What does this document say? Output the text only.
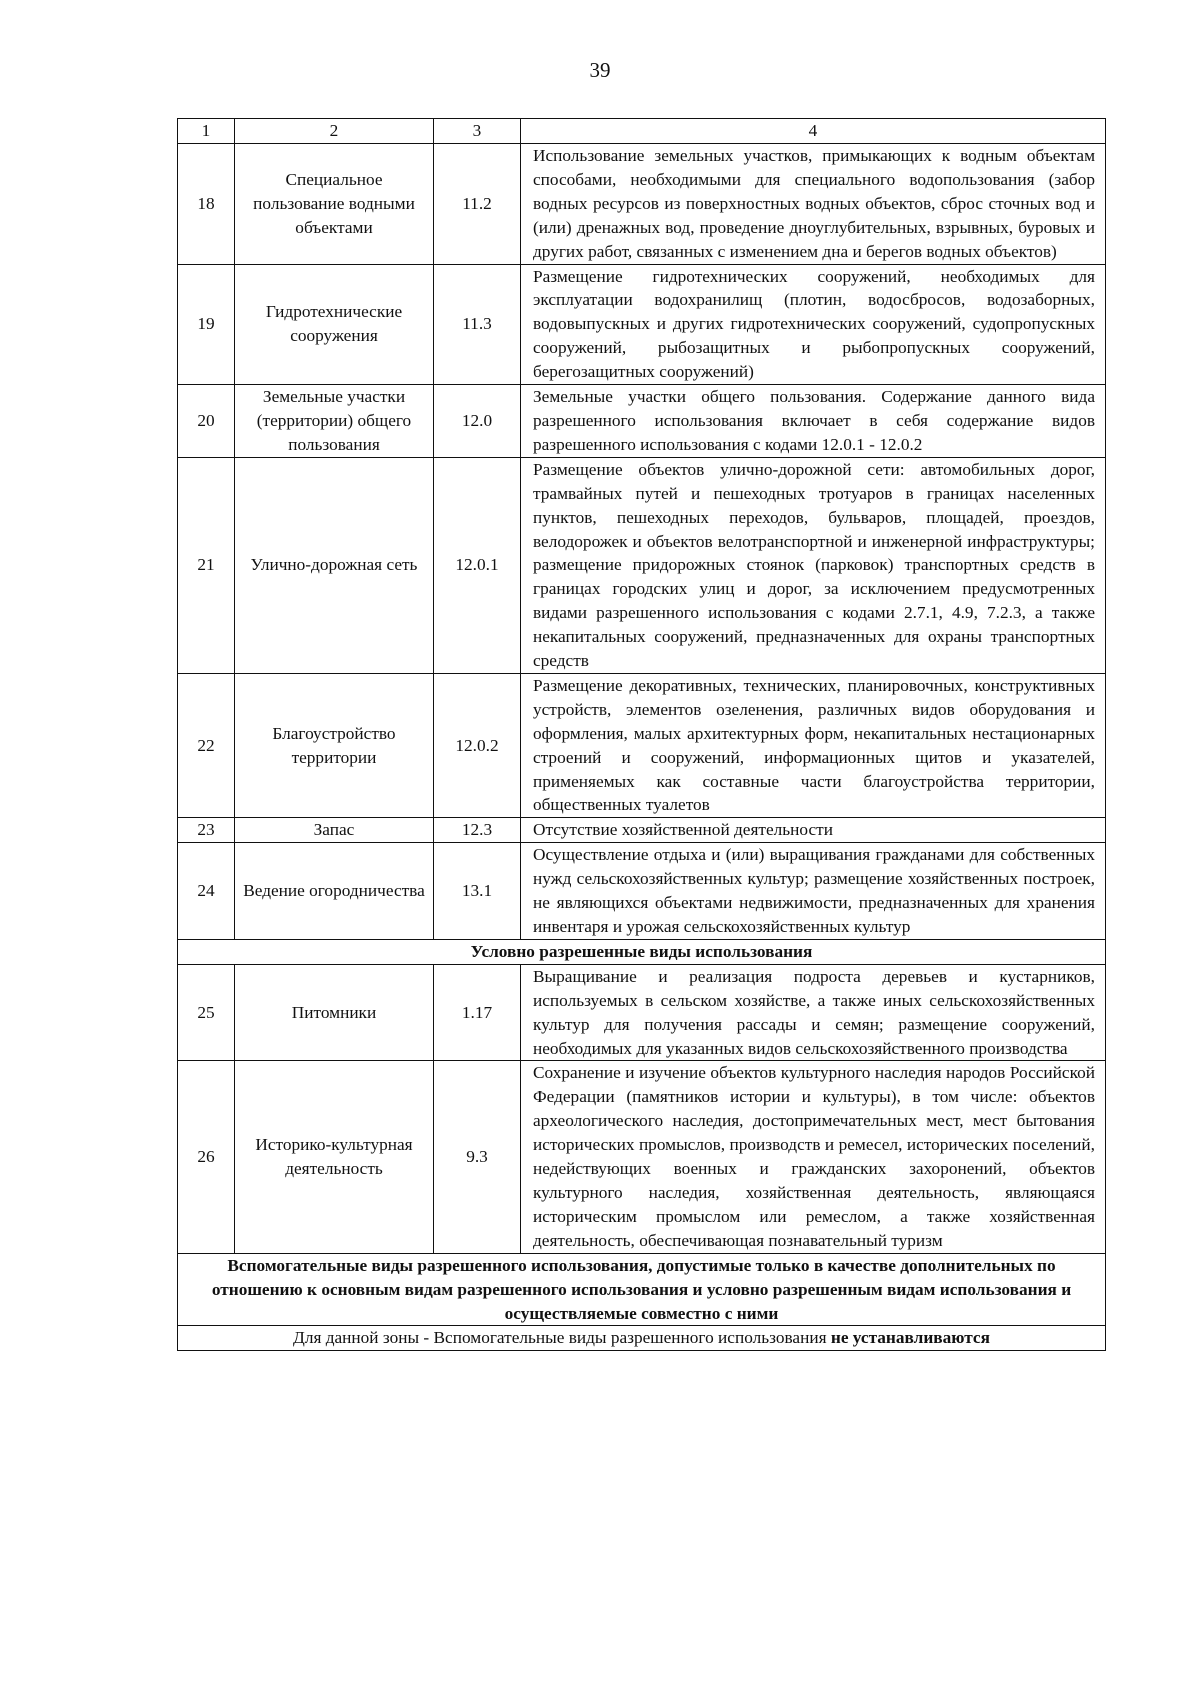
39
1	2	3	4
18	Специальное пользование водными объектами	11.2	Использование земельных участков, примыкающих к водным объектам способами, необходимыми для специального водопользования (забор водных ресурсов из поверхностных водных объектов, сброс сточных вод и (или) дренажных вод, проведение дноуглубительных, взрывных, буровых и других работ, связанных с изменением дна и берегов водных объектов)
19	Гидротехнические сооружения	11.3	Размещение гидротехнических сооружений, необходимых для эксплуатации водохранилищ (плотин, водосбросов, водозаборных, водовыпускных и других гидротехнических сооружений, судопропускных сооружений, рыбозащитных и рыбопропускных сооружений, берегозащитных сооружений)
20	Земельные участки (территории) общего пользования	12.0	Земельные участки общего пользования. Содержание данного вида разрешенного использования включает в себя содержание видов разрешенного использования с кодами 12.0.1 - 12.0.2
21	Улично-дорожная сеть	12.0.1	Размещение объектов улично-дорожной сети: автомобильных дорог, трамвайных путей и пешеходных тротуаров в границах населенных пунктов, пешеходных переходов, бульваров, площадей, проездов, велодорожек и объектов велотранспортной и инженерной инфраструктуры; размещение придорожных стоянок (парковок) транспортных средств в границах городских улиц и дорог, за исключением предусмотренных видами разрешенного использования с кодами 2.7.1, 4.9, 7.2.3, а также некапитальных сооружений, предназначенных для охраны транспортных средств
22	Благоустройство территории	12.0.2	Размещение декоративных, технических, планировочных, конструктивных устройств, элементов озеленения, различных видов оборудования и оформления, малых архитектурных форм, некапитальных нестационарных строений и сооружений, информационных щитов и указателей, применяемых как составные части благоустройства территории, общественных туалетов
23	Запас	12.3	Отсутствие хозяйственной деятельности
24	Ведение огородничества	13.1	Осуществление отдыха и (или) выращивания гражданами для собственных нужд сельскохозяйственных культур; размещение хозяйственных построек, не являющихся объектами недвижимости, предназначенных для хранения инвентаря и урожая сельскохозяйственных культур
Условно разрешенные виды использования			
25	Питомники	1.17	Выращивание и реализация подроста деревьев и кустарников, используемых в сельском хозяйстве, а также иных сельскохозяйственных культур для получения рассады и семян; размещение сооружений, необходимых для указанных видов сельскохозяйственного производства
26	Историко-культурная деятельность	9.3	Сохранение и изучение объектов культурного наследия народов Российской Федерации (памятников истории и культуры), в том числе: объектов археологического наследия, достопримечательных мест, мест бытования исторических промыслов, производств и ремесел, исторических поселений, недействующих военных и гражданских захоронений, объектов культурного наследия, хозяйственная деятельность, являющаяся историческим промыслом или ремеслом, а также хозяйственная деятельность, обеспечивающая познавательный туризм
Вспомогательные виды разрешенного использования, допустимые только в качестве дополнительных по отношению к основным видам разрешенного использования и условно разрешенным видам использования и осуществляемые совместно с ними			
Для данной зоны - Вспомогательные виды разрешенного использования не устанавливаются			
